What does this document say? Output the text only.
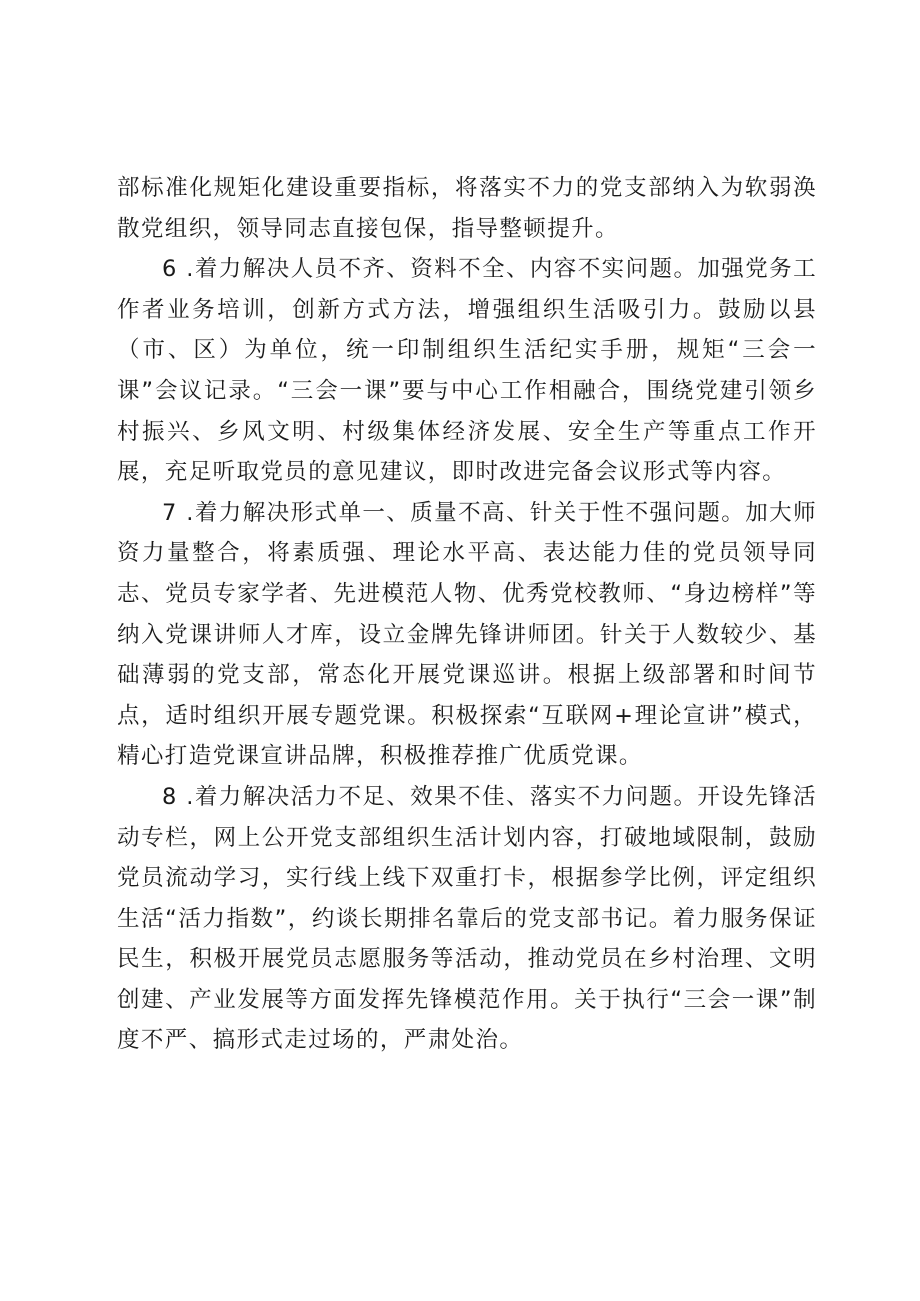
部标准化规矩化建设重要指标，将落实不力的党支部纳入为软弱涣散党组织，领导同志直接包保，指导整顿提升。

6 .着力解决人员不齐、资料不全、内容不实问题。加强党务工作者业务培训，创新方式方法，增强组织生活吸引力。鼓励以县（市、区）为单位，统一印制组织生活纪实手册，规矩“三会一课”会议记录。“三会一课”要与中心工作相融合，围绕党建引领乡村振兴、乡风文明、村级集体经济发展、安全生产等重点工作开展，充足听取党员的意见建议，即时改进完备会议形式等内容。

7 .着力解决形式单一、质量不高、针关于性不强问题。加大师资力量整合，将素质强、理论水平高、表达能力佳的党员领导同志、党员专家学者、先进模范人物、优秀党校教师、“身边榜样”等纳入党课讲师人才库，设立金牌先锋讲师团。针关于人数较少、基础薄弱的党支部，常态化开展党课巡讲。根据上级部署和时间节点，适时组织开展专题党课。积极探索“互联网+理论宣讲”模式，精心打造党课宣讲品牌，积极推荐推广优质党课。

8 .着力解决活力不足、效果不佳、落实不力问题。开设先锋活动专栏，网上公开党支部组织生活计划内容，打破地域限制，鼓励党员流动学习，实行线上线下双重打卡，根据参学比例，评定组织生活“活力指数”，约谈长期排名靠后的党支部书记。着力服务保证民生，积极开展党员志愿服务等活动，推动党员在乡村治理、文明创建、产业发展等方面发挥先锋模范作用。关于执行“三会一课”制度不严、搞形式走过场的，严肃处治。
